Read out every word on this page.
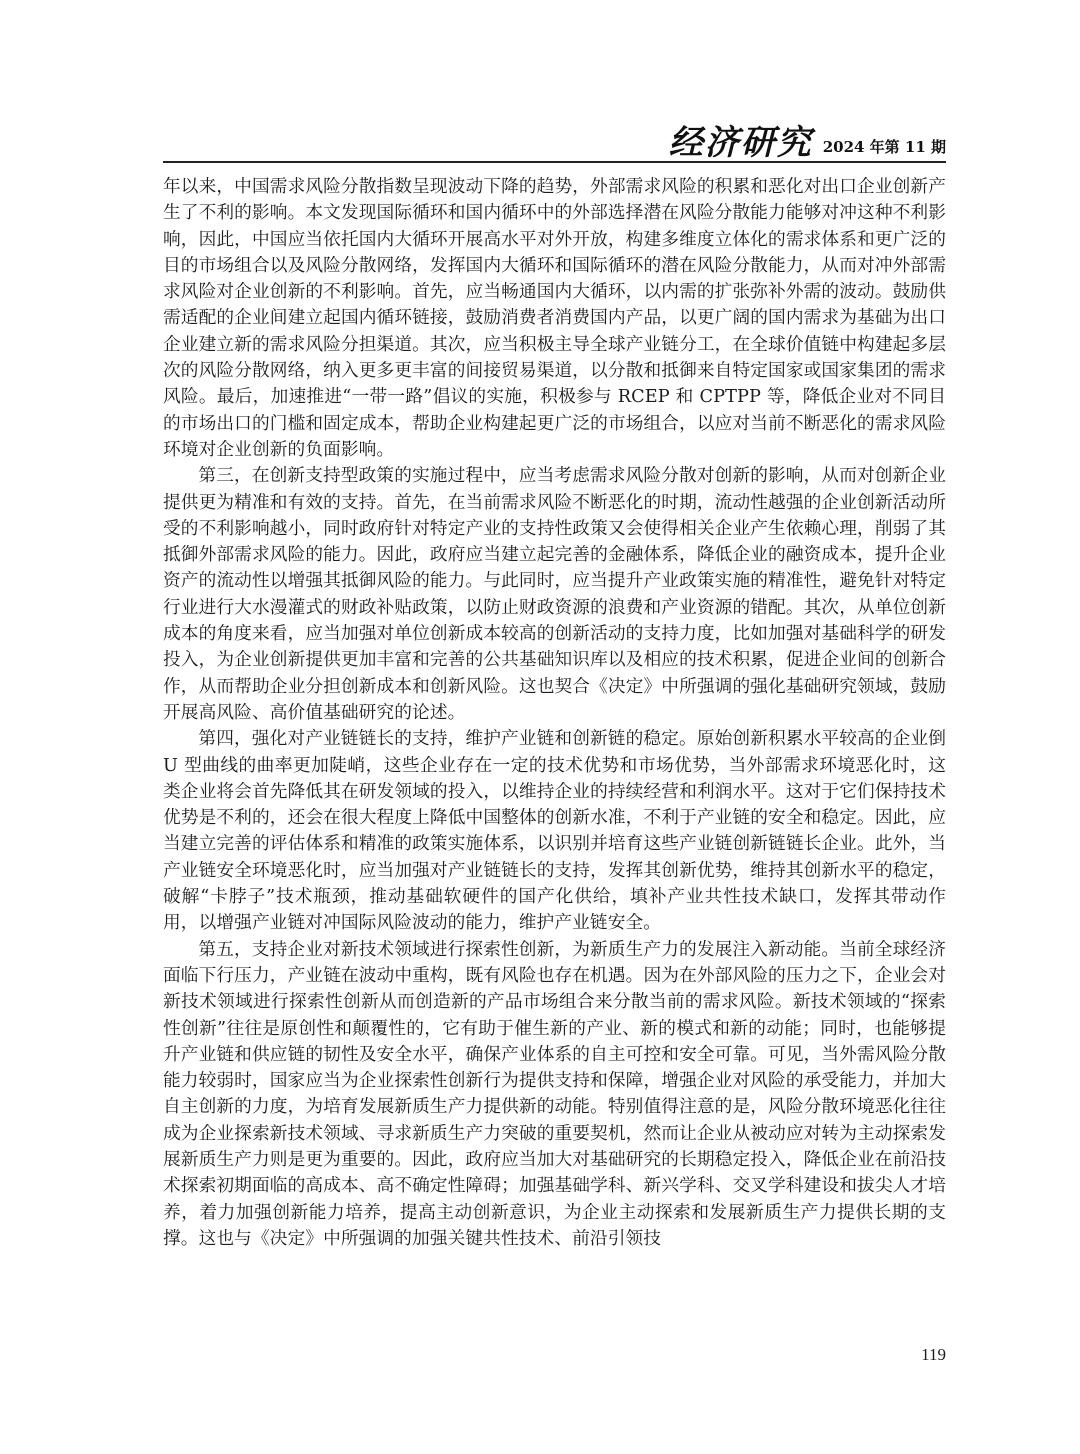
经济研究 2024 年第 11 期

年以来，中国需求风险分散指数呈现波动下降的趋势，外部需求风险的积累和恶化对出口企业创新产生了不利的影响。本文发现国际循环和国内循环中的外部选择潜在风险分散能力能够对冲这种不利影响，因此，中国应当依托国内大循环开展高水平对外开放，构建多维度立体化的需求体系和更广泛的目的市场组合以及风险分散网络，发挥国内大循环和国际循环的潜在风险分散能力，从而对冲外部需求风险对企业创新的不利影响。首先，应当畅通国内大循环，以内需的扩张弥补外需的波动。鼓励供需适配的企业间建立起国内循环链接，鼓励消费者消费国内产品，以更广阔的国内需求为基础为出口企业建立新的需求风险分担渠道。其次，应当积极主导全球产业链分工，在全球价值链中构建起多层次的风险分散网络，纳入更多更丰富的间接贸易渠道，以分散和抵御来自特定国家或国家集团的需求风险。最后，加速推进“一带一路”倡议的实施，积极参与 RCEP 和 CPTPP 等，降低企业对不同目的市场出口的门槛和固定成本，帮助企业构建起更广泛的市场组合，以应对当前不断恶化的需求风险环境对企业创新的负面影响。

第三，在创新支持型政策的实施过程中，应当考虑需求风险分散对创新的影响，从而对创新企业提供更为精准和有效的支持。首先，在当前需求风险不断恶化的时期，流动性越强的企业创新活动所受的不利影响越小，同时政府针对特定产业的支持性政策又会使得相关企业产生依赖心理，削弱了其抵御外部需求风险的能力。因此，政府应当建立起完善的金融体系，降低企业的融资成本，提升企业资产的流动性以增强其抵御风险的能力。与此同时，应当提升产业政策实施的精准性，避免针对特定行业进行大水漫灌式的财政补贴政策，以防止财政资源的浪费和产业资源的错配。其次，从单位创新成本的角度来看，应当加强对单位创新成本较高的创新活动的支持力度，比如加强对基础科学的研发投入，为企业创新提供更加丰富和完善的公共基础知识库以及相应的技术积累，促进企业间的创新合作，从而帮助企业分担创新成本和创新风险。这也契合《决定》中所强调的强化基础研究领域，鼓励开展高风险、高价值基础研究的论述。

第四，强化对产业链链长的支持，维护产业链和创新链的稳定。原始创新积累水平较高的企业倒 U 型曲线的曲率更加陡峭，这些企业存在一定的技术优势和市场优势，当外部需求环境恶化时，这类企业将会首先降低其在研发领域的投入，以维持企业的持续经营和利润水平。这对于它们保持技术优势是不利的，还会在很大程度上降低中国整体的创新水准，不利于产业链的安全和稳定。因此，应当建立完善的评估体系和精准的政策实施体系，以识别并培育这些产业链创新链链长企业。此外，当产业链安全环境恶化时，应当加强对产业链链长的支持，发挥其创新优势，维持其创新水平的稳定，破解“卡脖子”技术瓶颈，推动基础软硬件的国产化供给，填补产业共性技术缺口，发挥其带动作用，以增强产业链对冲国际风险波动的能力，维护产业链安全。

第五，支持企业对新技术领域进行探索性创新，为新质生产力的发展注入新动能。当前全球经济面临下行压力，产业链在波动中重构，既有风险也存在机遇。因为在外部风险的压力之下，企业会对新技术领域进行探索性创新从而创造新的产品市场组合来分散当前的需求风险。新技术领域的“探索性创新”往往是原创性和颠覆性的，它有助于催生新的产业、新的模式和新的动能；同时，也能够提升产业链和供应链的韧性及安全水平，确保产业体系的自主可控和安全可靠。可见，当外需风险分散能力较弱时，国家应当为企业探索性创新行为提供支持和保障，增强企业对风险的承受能力，并加大自主创新的力度，为培育发展新质生产力提供新的动能。特别值得注意的是，风险分散环境恶化往往成为企业探索新技术领域、寻求新质生产力突破的重要契机，然而让企业从被动应对转为主动探索发展新质生产力则是更为重要的。因此，政府应当加大对基础研究的长期稳定投入，降低企业在前沿技术探索初期面临的高成本、高不确定性障碍；加强基础学科、新兴学科、交叉学科建设和拔尖人才培养，着力加强创新能力培养，提高主动创新意识，为企业主动探索和发展新质生产力提供长期的支撑。这也与《决定》中所强调的加强关键共性技术、前沿引领技

119
